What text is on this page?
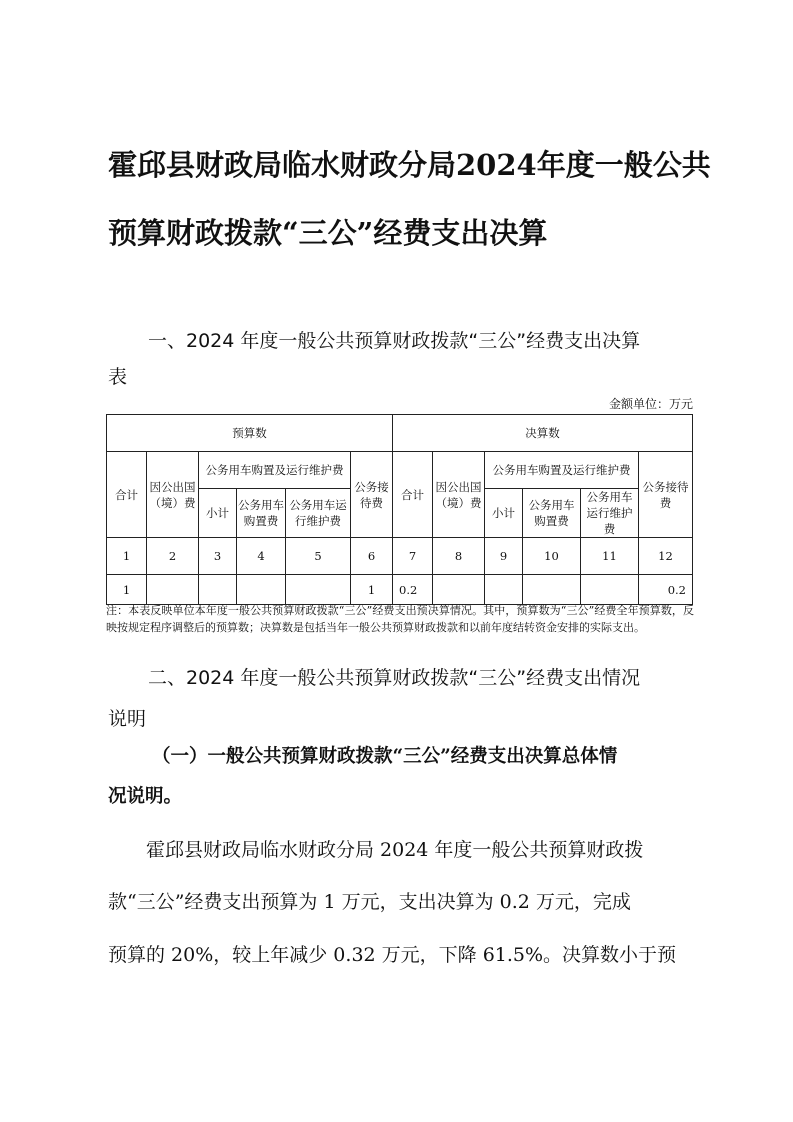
霍邱县财政局临水财政分局2024年度一般公共
预算财政拨款“三公”经费支出决算

一、2024 年度一般公共预算财政拨款“三公”经费支出决算

表

金额单位：万元
预算数						决算数					
合计	因公出国（境）费	公务用车购置及运行维护费			公务接待费	合计	因公出国（境）费	公务用车购置及运行维护费			公务接待费
		小计	公务用车购置费	公务用车运行维护费				小计	公务用车购置费	公务用车运行维护费	
1	2	3	4	5	6	7	8	9	10	11	12
1					1	0.2					0.2

注：本表反映单位本年度一般公共预算财政拨款“三公”经费支出预决算情况。其中，预算数为“三公”经费全年预算数，反映按规定程序调整后的预算数；决算数是包括当年一般公共预算财政拨款和以前年度结转资金安排的实际支出。

二、2024 年度一般公共预算财政拨款“三公”经费支出情况

说明

（一）一般公共预算财政拨款“三公”经费支出决算总体情

况说明。

霍邱县财政局临水财政分局 2024 年度一般公共预算财政拨

款“三公”经费支出预算为 1 万元，支出决算为 0.2 万元，完成

预算的 20%，较上年减少 0.32 万元，下降 61.5%。决算数小于预
